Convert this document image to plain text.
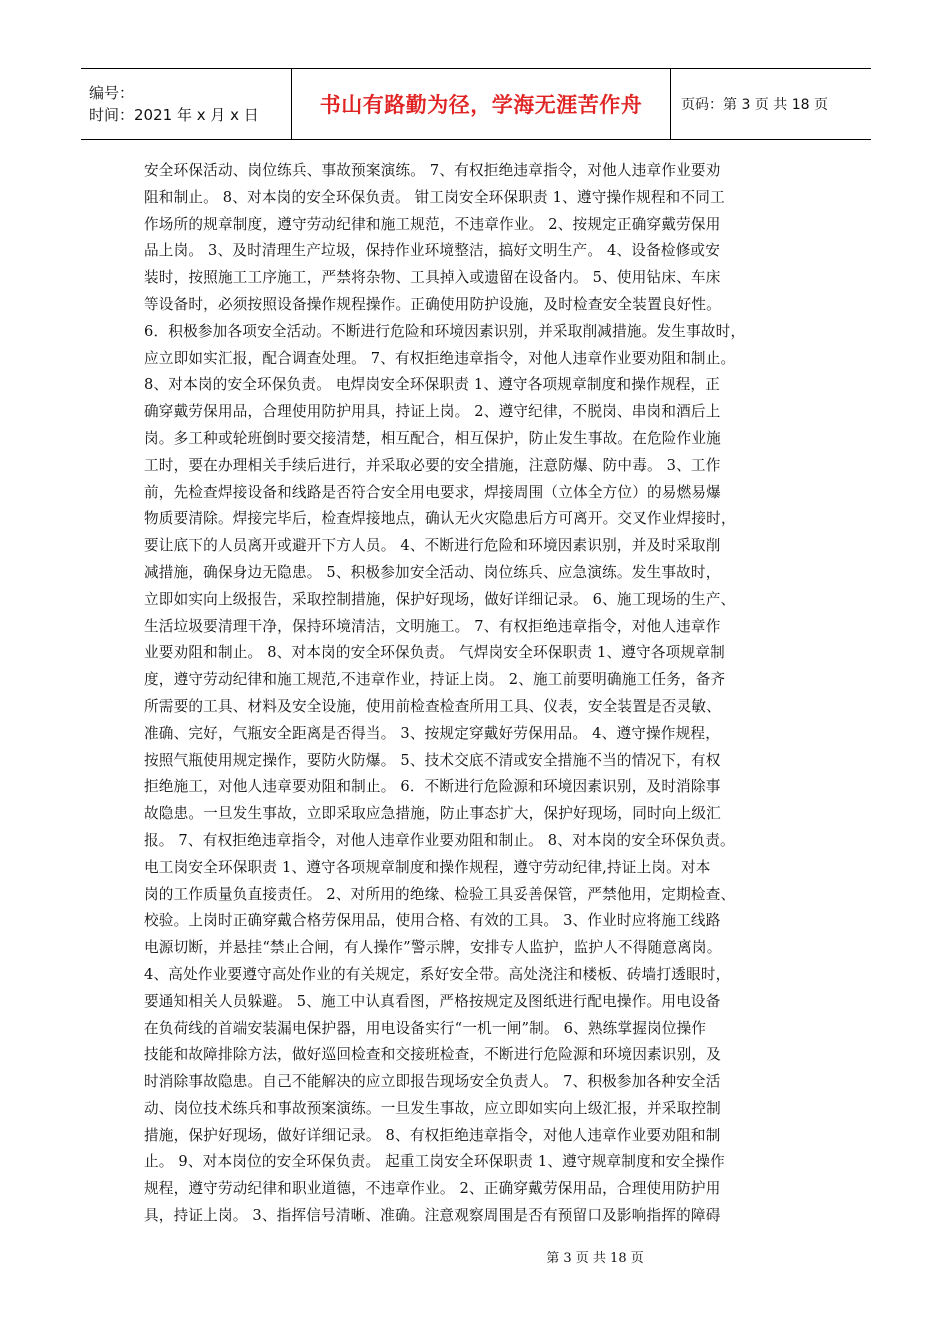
编号：
时间：2021 年 x 月 x 日	书山有路勤为径，学海无涯苦作舟	页码：第 3 页 共 18 页
安全环保活动、岗位练兵、事故预案演练。 7、有权拒绝违章指令，对他人违章作业要劝
阻和制止。 8、对本岗的安全环保负责。 钳工岗安全环保职责 1、遵守操作规程和不同工
作场所的规章制度，遵守劳动纪律和施工规范，不违章作业。 2、按规定正确穿戴劳保用
品上岗。 3、及时清理生产垃圾，保持作业环境整洁，搞好文明生产。 4、设备检修或安
装时，按照施工工序施工，严禁将杂物、工具掉入或遗留在设备内。 5、使用钻床、车床
等设备时，必须按照设备操作规程操作。正确使用防护设施，及时检查安全装置良好性。
6．积极参加各项安全活动。不断进行危险和环境因素识别，并采取削减措施。发生事故时，
应立即如实汇报，配合调查处理。 7、有权拒绝违章指令，对他人违章作业要劝阻和制止。
8、对本岗的安全环保负责。 电焊岗安全环保职责 1、遵守各项规章制度和操作规程，正
确穿戴劳保用品，合理使用防护用具，持证上岗。 2、遵守纪律，不脱岗、串岗和酒后上
岗。多工种或轮班倒时要交接清楚，相互配合，相互保护，防止发生事故。在危险作业施
工时，要在办理相关手续后进行，并采取必要的安全措施，注意防爆、防中毒。 3、工作
前，先检查焊接设备和线路是否符合安全用电要求，焊接周围（立体全方位）的易燃易爆
物质要清除。焊接完毕后，检查焊接地点，确认无火灾隐患后方可离开。交叉作业焊接时，
要让底下的人员离开或避开下方人员。 4、不断进行危险和环境因素识别，并及时采取削
减措施，确保身边无隐患。 5、积极参加安全活动、岗位练兵、应急演练。发生事故时，
立即如实向上级报告，采取控制措施，保护好现场，做好详细记录。 6、施工现场的生产、
生活垃圾要清理干净，保持环境清洁，文明施工。 7、有权拒绝违章指令，对他人违章作
业要劝阻和制止。 8、对本岗的安全环保负责。 气焊岗安全环保职责 1、遵守各项规章制
度，遵守劳动纪律和施工规范,不违章作业，持证上岗。 2、施工前要明确施工任务，备齐
所需要的工具、材料及安全设施，使用前检查检查所用工具、仪表，安全装置是否灵敏、
准确、完好，气瓶安全距离是否得当。 3、按规定穿戴好劳保用品。 4、遵守操作规程，
按照气瓶使用规定操作，要防火防爆。 5、技术交底不清或安全措施不当的情况下，有权
拒绝施工，对他人违章要劝阻和制止。 6．不断进行危险源和环境因素识别，及时消除事
故隐患。一旦发生事故，立即采取应急措施，防止事态扩大，保护好现场，同时向上级汇
报。 7、有权拒绝违章指令，对他人违章作业要劝阻和制止。 8、对本岗的安全环保负责。
电工岗安全环保职责 1、遵守各项规章制度和操作规程，遵守劳动纪律,持证上岗。对本
岗的工作质量负直接责任。 2、对所用的绝缘、检验工具妥善保管，严禁他用，定期检查、
校验。上岗时正确穿戴合格劳保用品，使用合格、有效的工具。 3、作业时应将施工线路
电源切断，并悬挂“禁止合闸，有人操作”警示牌，安排专人监护，监护人不得随意离岗。
4、高处作业要遵守高处作业的有关规定，系好安全带。高处浇注和楼板、砖墙打透眼时，
要通知相关人员躲避。 5、施工中认真看图，严格按规定及图纸进行配电操作。用电设备
在负荷线的首端安装漏电保护器，用电设备实行“一机一闸”制。 6、熟练掌握岗位操作
技能和故障排除方法，做好巡回检查和交接班检查，不断进行危险源和环境因素识别，及
时消除事故隐患。自己不能解决的应立即报告现场安全负责人。 7、积极参加各种安全活
动、岗位技术练兵和事故预案演练。一旦发生事故，应立即如实向上级汇报，并采取控制
措施，保护好现场，做好详细记录。 8、有权拒绝违章指令，对他人违章作业要劝阻和制
止。 9、对本岗位的安全环保负责。 起重工岗安全环保职责 1、遵守规章制度和安全操作
规程，遵守劳动纪律和职业道德，不违章作业。 2、正确穿戴劳保用品，合理使用防护用
具，持证上岗。 3、指挥信号清晰、准确。注意观察周围是否有预留口及影响指挥的障碍
第 3 页 共 18 页
